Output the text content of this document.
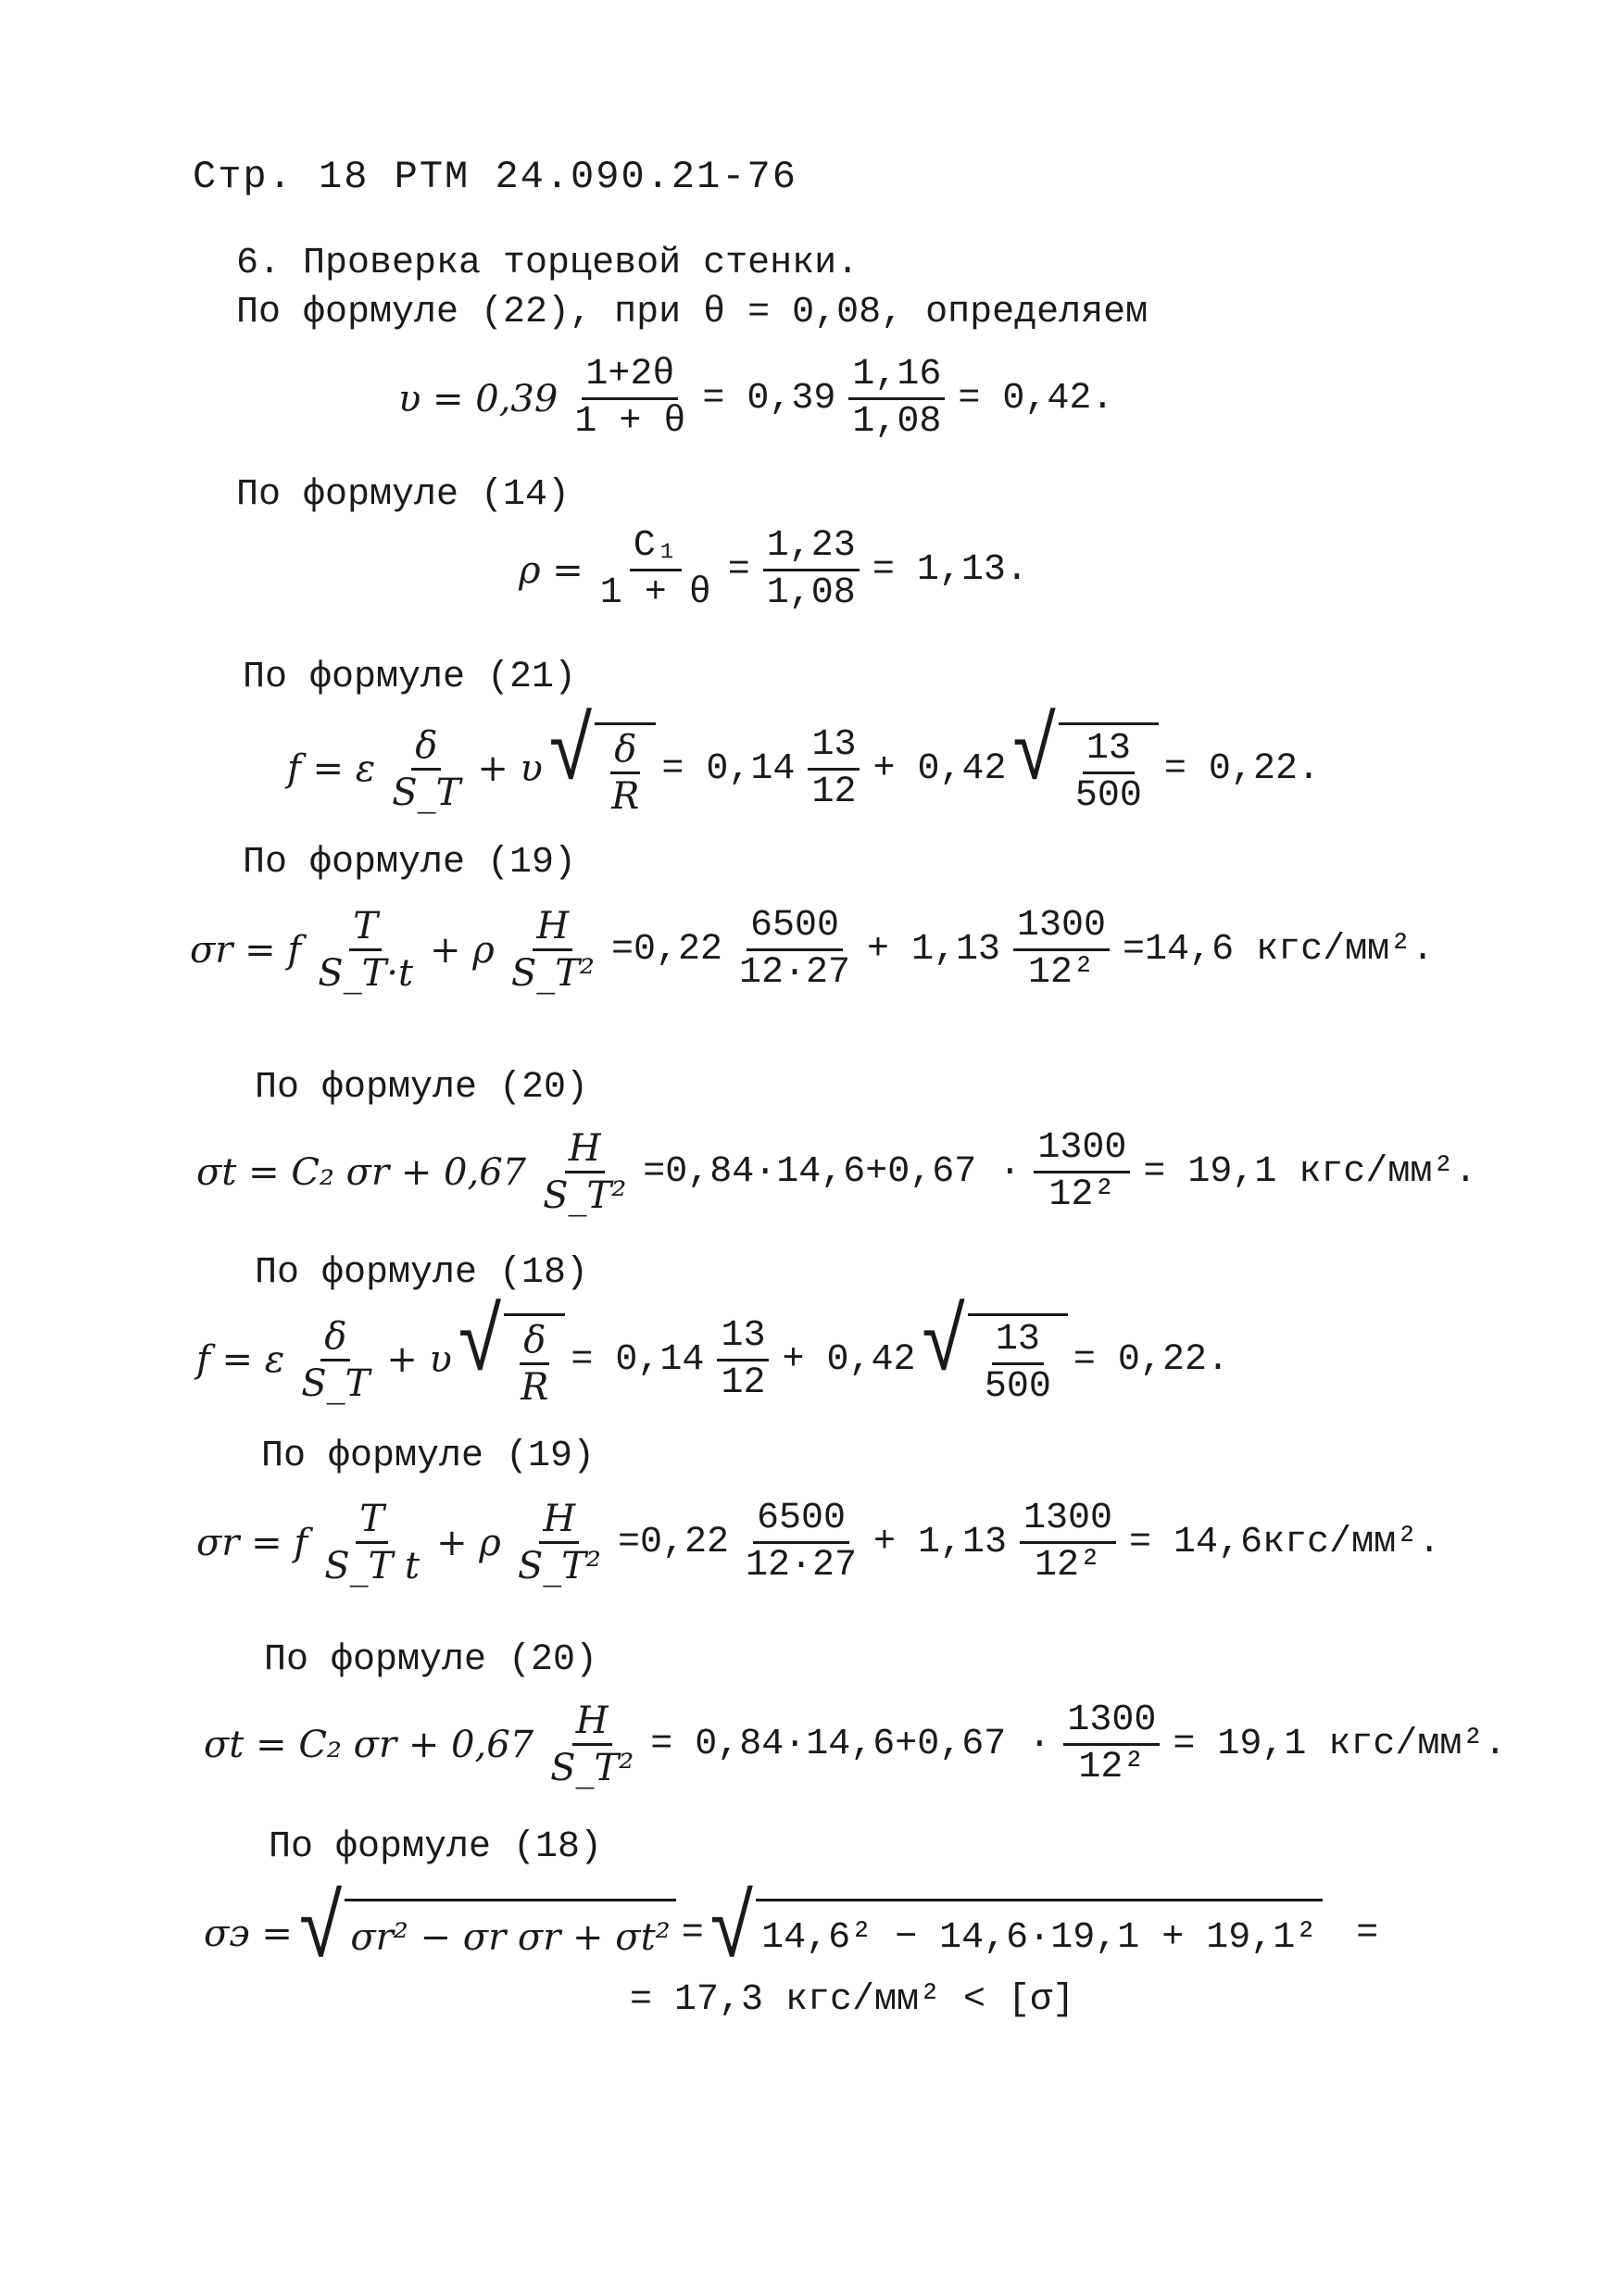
Стр. 18 РТМ 24.090.21-76
6. Проверка торцевой стенки.
По формуле (22), при θ = 0,08, определяем
$\upsilon = 0,39 \frac{1+2\theta}{1 + \theta} = 0,39 \frac{1,16}{1,08} = 0,42$.
По формуле (14)
$\rho = \frac{\text{C₁}}{1 + \theta} = \frac{1,23}{1,08} = 1,13$.
По формуле (21)
f = ε $\frac{\delta}{S\_T} + \upsilon$ √ $\frac{\delta}{R} = 0,14 \frac{13}{12} + 0,42$ √ $\frac{13}{500} = 0,22$.
По формуле (19)
σr = f $\frac{T}{S\_T\cdot t} + \rho \frac{H}{\text{S\_T²}} =0,22 \frac{6500}{12\cdot 27} + 1,13 \frac{1300}{\text{12²}} =14,6$ кгс/мм².
По формуле (20)
σt = C₂ $\sigma r + 0,67 \frac{H}{\text{S\_T²}} =0,84\cdot 14,6+0,67 \cdot \frac{1300}{\text{12²}} = 19,1$ кгс/мм².
По формуле (18)
f = ε $\frac{\delta}{S\_T} + \upsilon$ √ $\frac{\delta}{R} = 0,14 \frac{13}{12} + 0,42$ √ $\frac{13}{500} = 0,22$.
По формуле (19)
σr = f $\frac{T}{\text{S\_T t}} + \rho \frac{H}{\text{S\_T²}} =0,22 \frac{6500}{12\cdot 27} + 1,13 \frac{1300}{\text{12²}} = 14,6кгс/мм^2$.
По формуле (20)
σt = C₂ $\sigma r + 0,67 \frac{H}{\text{S\_T²}} = 0,84\cdot 14,6+0,67 \cdot \frac{1300}{\text{12²}} = 19,1$ кгс/мм².
По формуле (18)
σэ = √ σr² − σr σr + σt² = √ 14,6² − 14,6·19,1 + 19,1² =
= 17,3 кгс/мм² < [σ]
